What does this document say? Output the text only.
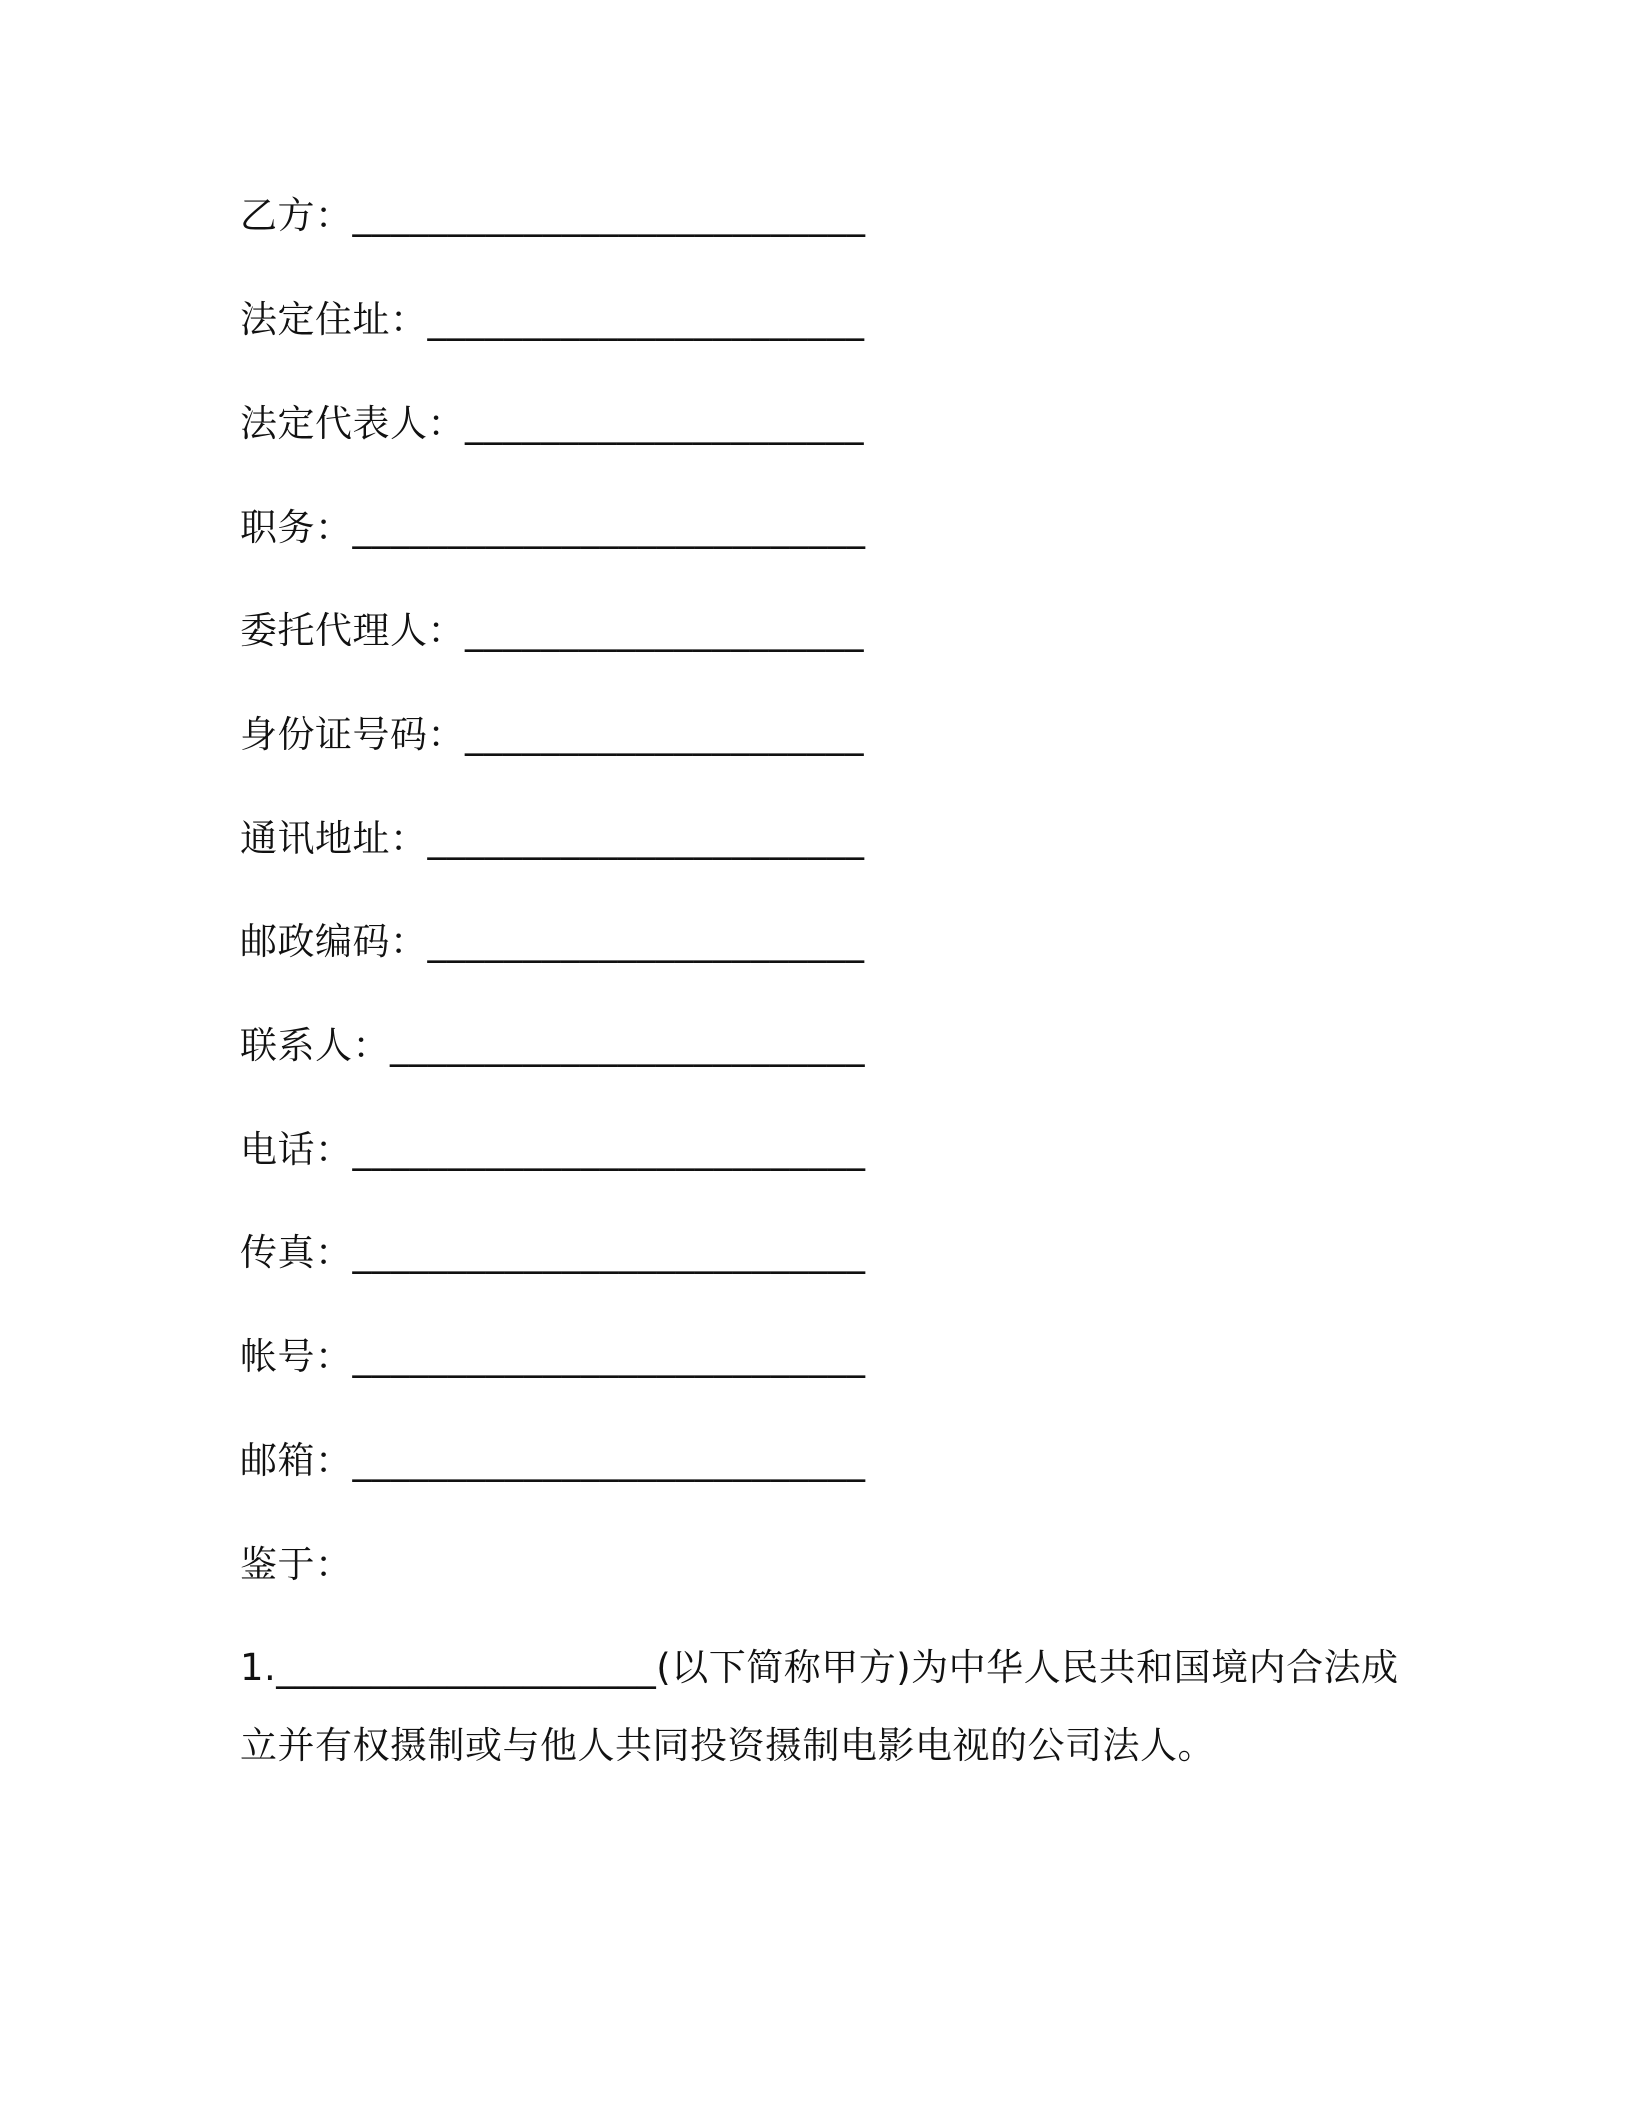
乙方：___________________________
法定住址：_______________________
法定代表人：_____________________
职务：___________________________
委托代理人：_____________________
身份证号码：_____________________
通讯地址：_______________________
邮政编码：_______________________
联系人：_________________________
电话：___________________________
传真：___________________________
帐号：___________________________
邮箱：___________________________
鉴于：
1.____________________(以下简称甲方)为中华人民共和国境内合法成
立并有权摄制或与他人共同投资摄制电影电视的公司法人。
